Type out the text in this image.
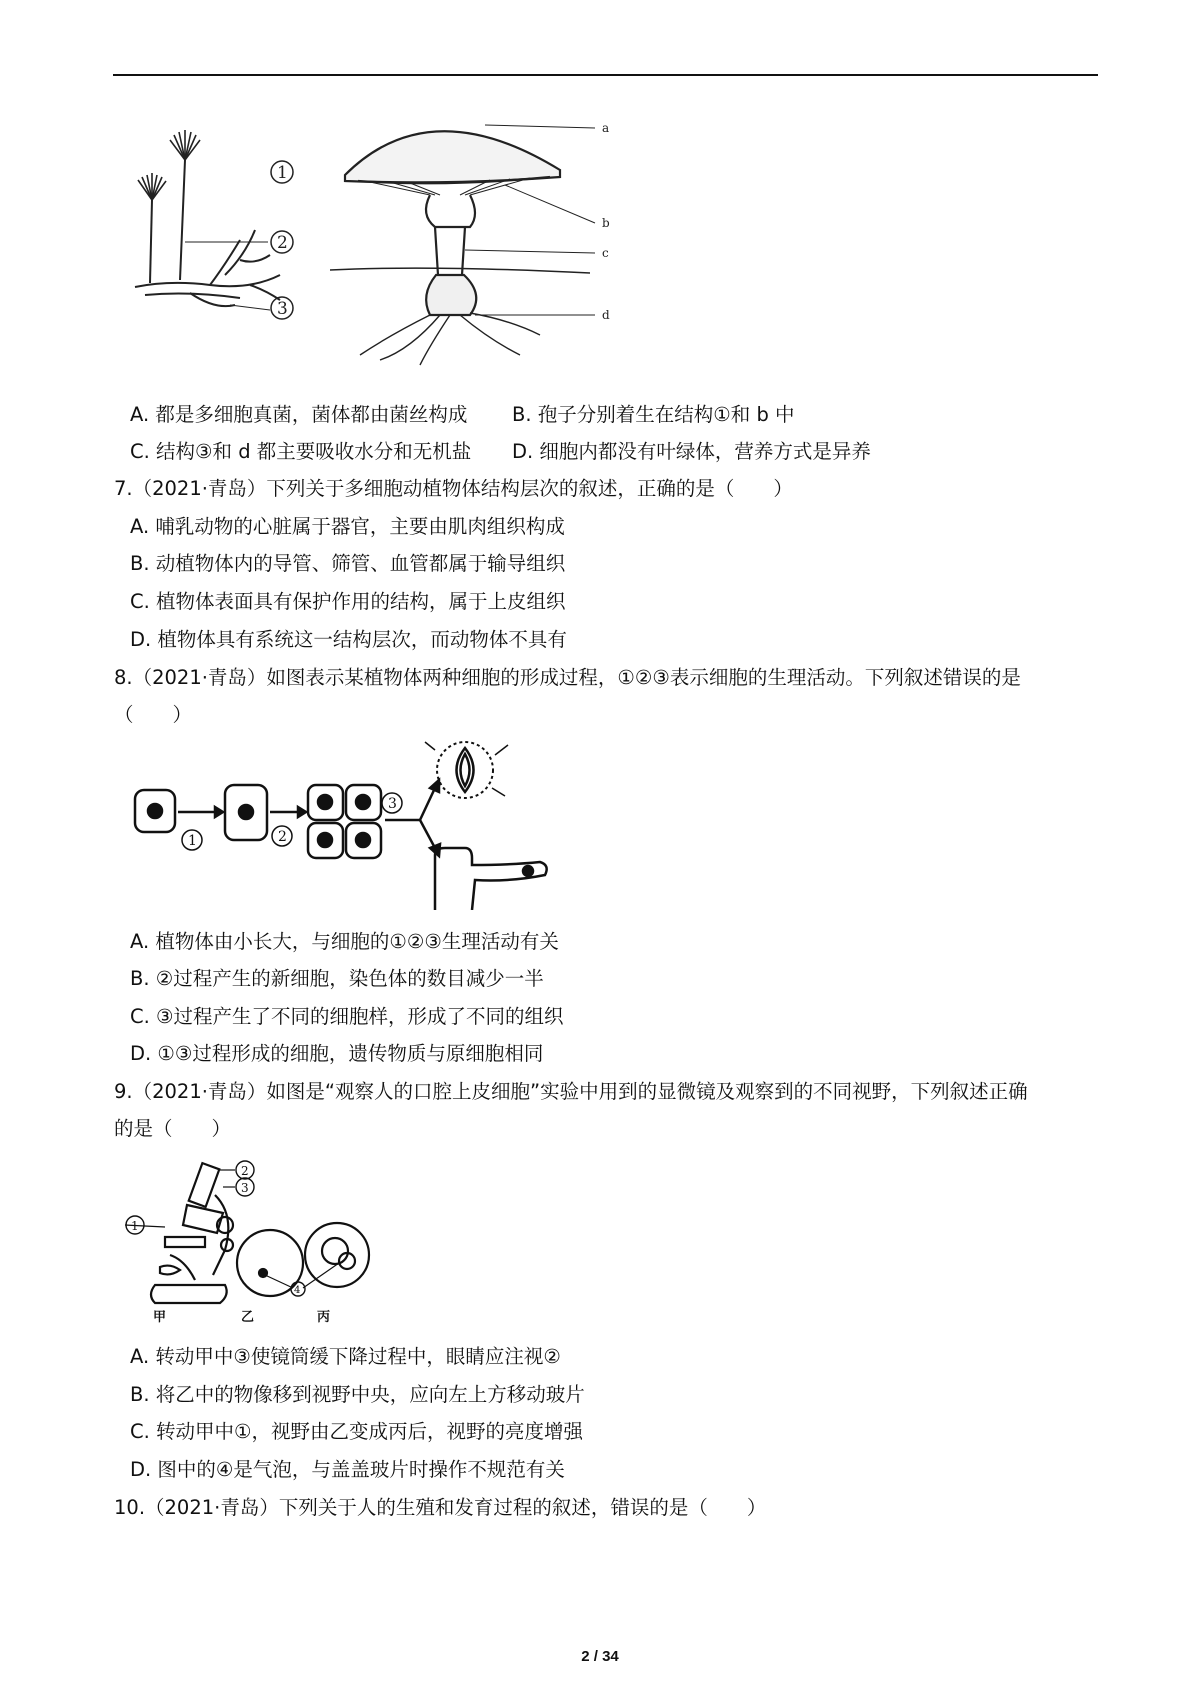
1
2
3
a
b
c
d
A. 都是多细胞真菌，菌体都由菌丝构成 B. 孢子分别着生在结构①和 b 中
C. 结构③和 d 都主要吸收水分和无机盐 D. 细胞内都没有叶绿体，营养方式是异养
7.（2021·青岛）下列关于多细胞动植物体结构层次的叙述，正确的是（　　）
A. 哺乳动物的心脏属于器官，主要由肌肉组织构成
B. 动植物体内的导管、筛管、血管都属于输导组织
C. 植物体表面具有保护作用的结构，属于上皮组织
D. 植物体具有系统这一结构层次，而动物体不具有
8.（2021·青岛）如图表示某植物体两种细胞的形成过程，①②③表示细胞的生理活动。下列叙述错误的是
（　　）
1	2
3
A. 植物体由小长大，与细胞的①②③生理活动有关
B. ②过程产生的新细胞，染色体的数目减少一半
C. ③过程产生了不同的细胞样，形成了不同的组织
D. ①③过程形成的细胞，遗传物质与原细胞相同
9.（2021·青岛）如图是“观察人的口腔上皮细胞”实验中用到的显微镜及观察到的不同视野，下列叙述正确
的是（　　）
1
2
3
4
甲	乙	丙
A. 转动甲中③使镜筒缓下降过程中，眼睛应注视②
B. 将乙中的物像移到视野中央，应向左上方移动玻片
C. 转动甲中①，视野由乙变成丙后，视野的亮度增强
D. 图中的④是气泡，与盖盖玻片时操作不规范有关
10.（2021·青岛）下列关于人的生殖和发育过程的叙述，错误的是（　　）
2 / 34
